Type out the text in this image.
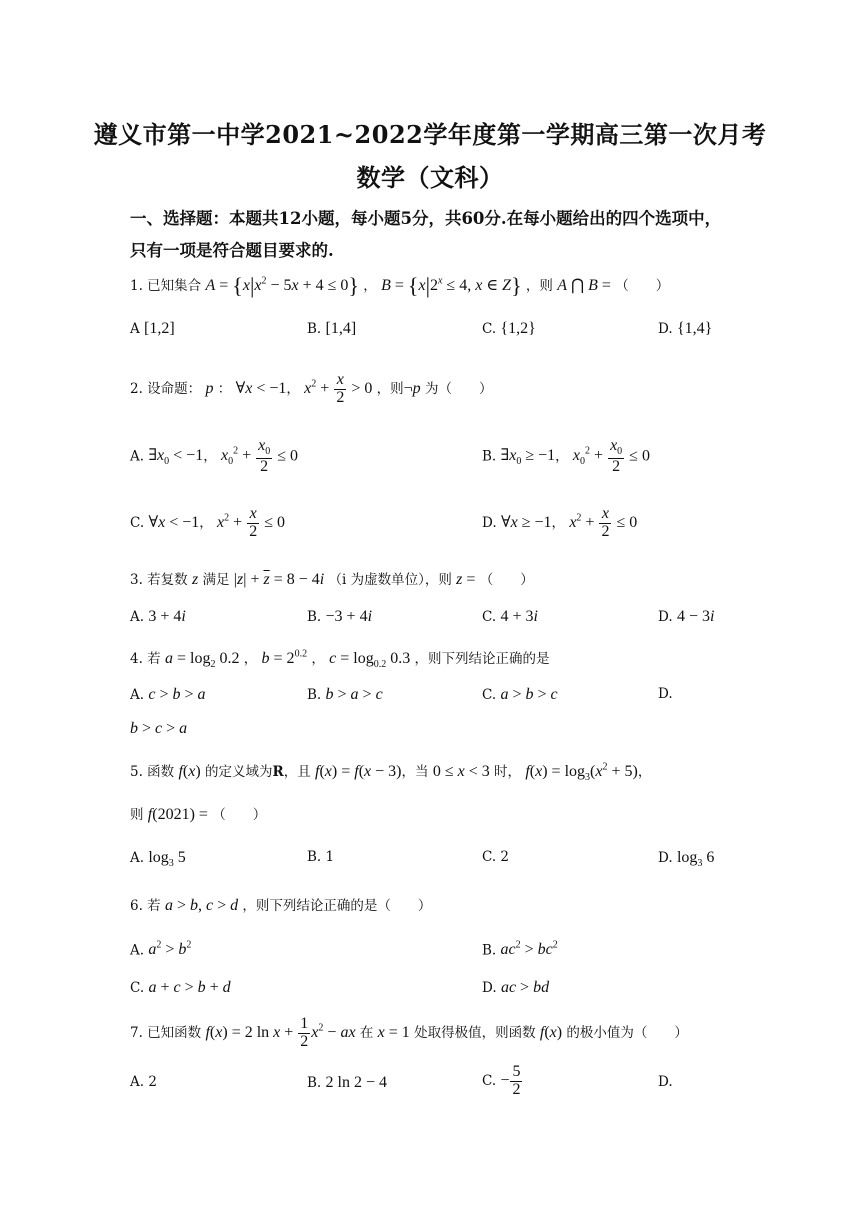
遵义市第一中学2021~2022学年度第一学期高三第一次月考
数学（文科）
一、选择题：本题共12小题，每小题5分，共60分.在每小题给出的四个选项中，
只有一项是符合题目要求的.
1. 已知集合 $A = \{x|x^2 - 5x + 4 \le 0\}$ ， $B = \{x|2^x \le 4$, x ∈ Z} ，则 A ⋂ B = （　　）
A [1,2]	B. [1,4]	C. {1,2}	D. {1,4}
2. 设命题： p ： ∀x < −1， $x^2 + \frac{x}{2} > 0$ ，则¬p 为（　　）
A. $\exists x_0 < -1$， $x_0^2 + \frac{x_0}{2} \le 0$	B. $\exists x_0 \ge -1$， $x_0^2 + \frac{x_0}{2} \le 0$
C. ∀x < −1， $x^2 + \frac{x}{2} \le 0$	D. ∀x ≥ −1， $x^2 + \frac{x}{2} \le 0$
3. 若复数 z 满足 $|z| + \overline{z} = 8 - 4i$ （i 为虚数单位），则 z = （　　）
A. 3 + 4i	B. −3 + 4i	C. 4 + 3i	D. 4 − 3i
4. 若 $a = \log_2 0.2$ ， $b = 2^{0.2}$ ， $c = \log_{0.2} 0.3$ ，则下列结论正确的是
A. c > b > a	B. b > a > c	C. a > b > c	D.
b > c > a
5. 函数 f(x) 的定义域为R，且 f(x) = f(x − 3)，当 0 ≤ x < 3 时， $f(x) = \log_3(x^2 + 5)$，
则 f(2021) = （　　）
A. $\log_3 5$	B. 1	C. 2	D. $\log_3 6$
6. 若 a > b, c > d ，则下列结论正确的是（　　）
A. $a^2 > b^2$	B. $ac^2 > bc^2$
C. a + c > b + d	D. ac > bd
7. 已知函数 f(x) = 2 $\ln x + \frac{1}{2} x^2$ − ax 在 x = 1 处取得极值，则函数 f(x) 的极小值为（　　）
A. 2	B. 2 ln 2 − 4	C. − $\frac{5}{2}$	D.
